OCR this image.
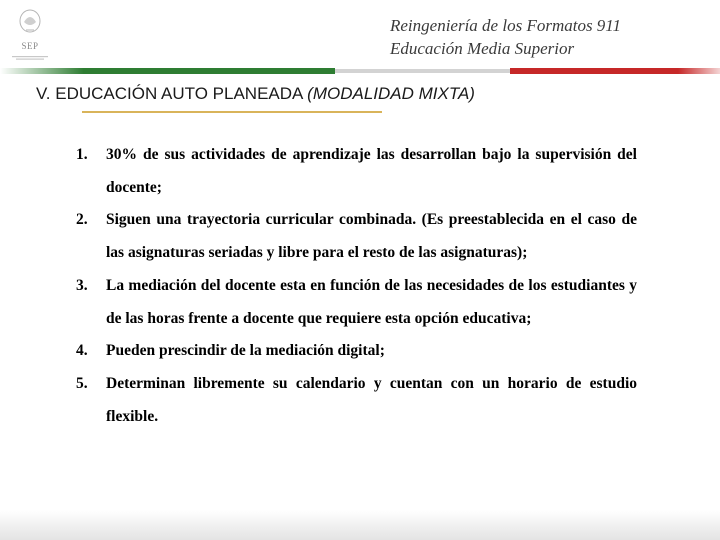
SEP
Reingeniería de los Formatos 911
Educación Media Superior
V. EDUCACIÓN AUTO PLANEADA (MODALIDAD MIXTA)
1. 30% de sus actividades de aprendizaje las desarrollan bajo la supervisión del docente;
2. Siguen una trayectoria curricular combinada. (Es preestablecida en el caso de las asignaturas seriadas y libre para el resto de las asignaturas);
3. La mediación del docente esta en función de las necesidades de los estudiantes y de las horas frente a docente que requiere esta opción educativa;
4. Pueden prescindir de la mediación digital;
5. Determinan libremente su calendario y cuentan con un horario de estudio flexible.
